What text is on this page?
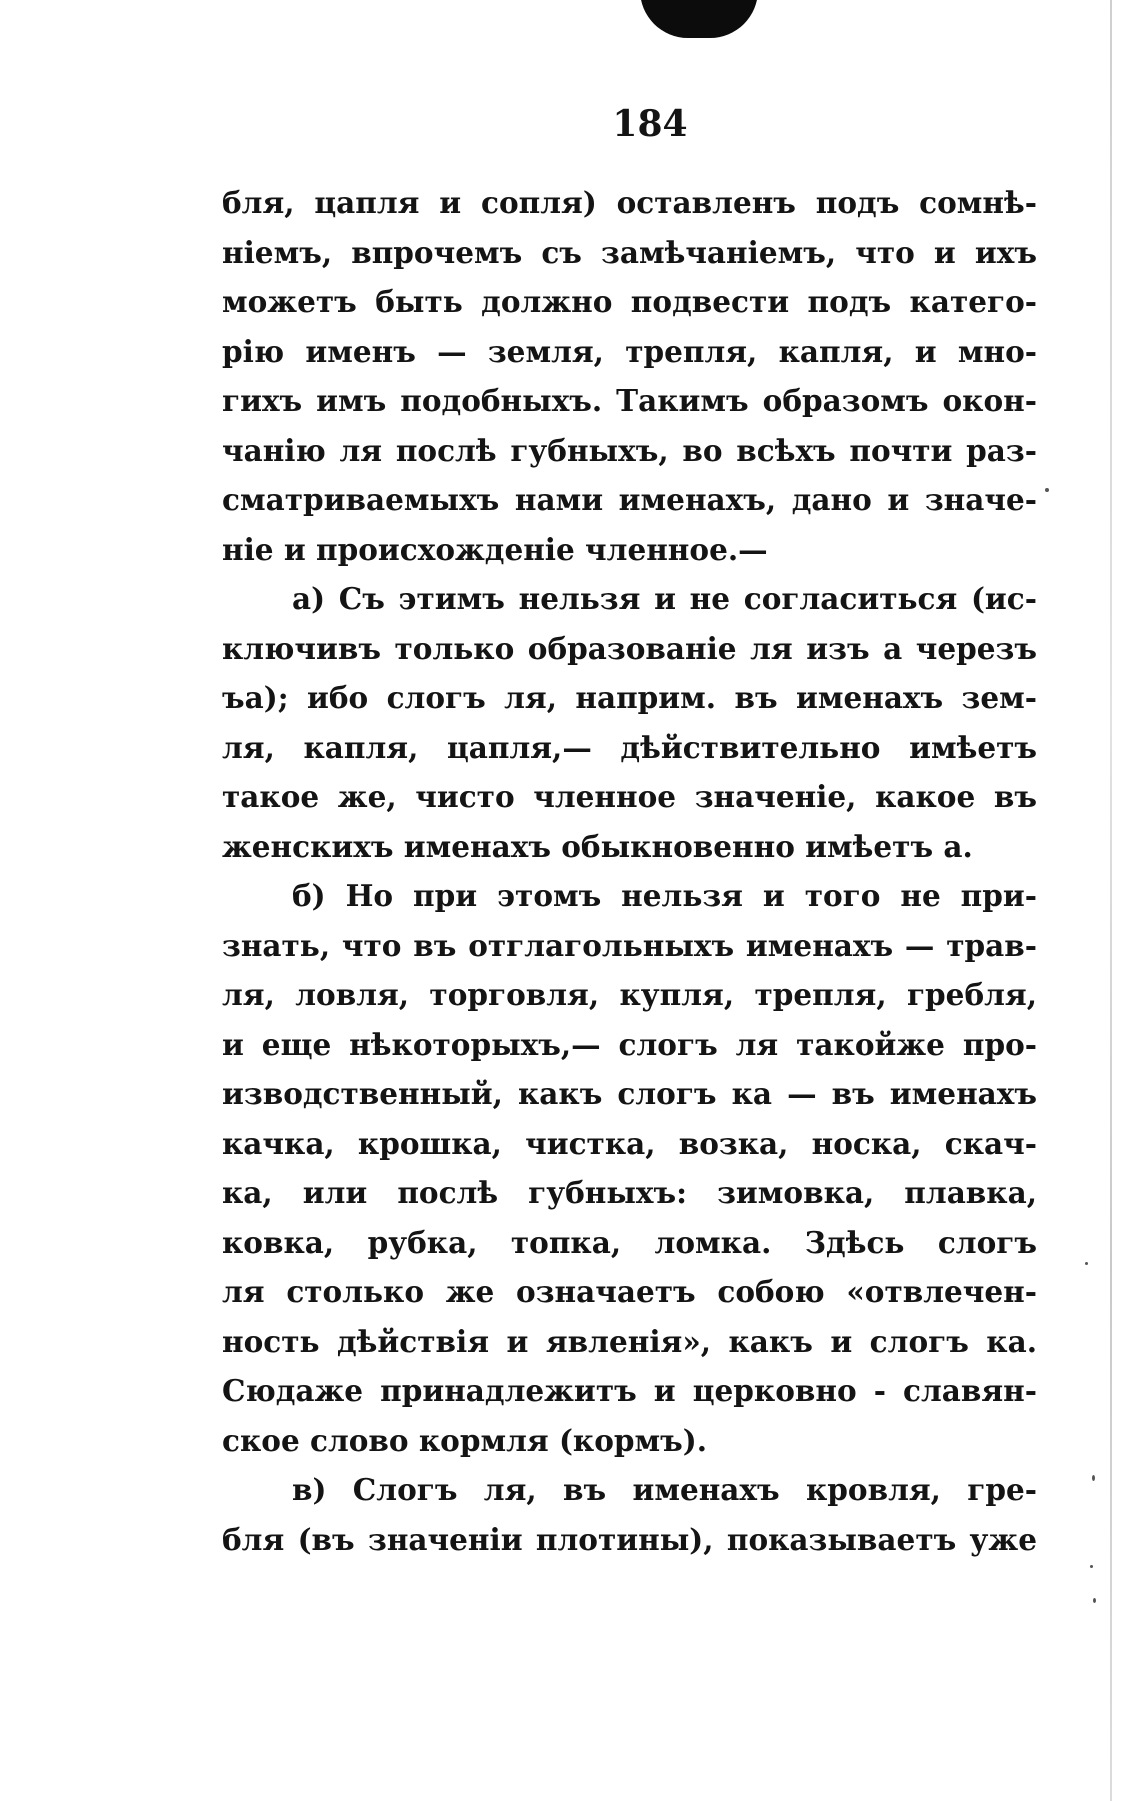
184
бля, цапля и сопля) оставленъ подъ сомнѣ-
ніемъ, впрочемъ съ замѣчаніемъ, что и ихъ
можетъ быть должно подвести подъ катего-
рію именъ — земля, трепля, капля, и мно-
гихъ имъ подобныхъ. Такимъ образомъ окон-
чанію ля послѣ губныхъ, во всѣхъ почти раз-
сматриваемыхъ нами именахъ, дано и значе-
ніе и происхожденіе членное.—
а) Съ этимъ нельзя и не согласиться (ис-
ключивъ только образованіе ля изъ а черезъ
ъа); ибо слогъ ля, наприм. въ именахъ зем-
ля, капля, цапля,— дѣйствительно имѣетъ
такое же, чисто членное значеніе, какое въ
женскихъ именахъ обыкновенно имѣетъ а.
б) Но при этомъ нельзя и того не при-
знать, что въ отглагольныхъ именахъ — трав-
ля, ловля, торговля, купля, трепля, гребля,
и еще нѣкоторыхъ,— слогъ ля такойже про-
изводственный, какъ слогъ ка — въ именахъ
качка, крошка, чистка, возка, носка, скач-
ка, или послѣ губныхъ: зимовка, плавка,
ковка, рубка, топка, ломка. Здѣсь слогъ
ля столько же означаетъ собою «отвлечен-
ность дѣйствія и явленія», какъ и слогъ ка.
Сюдаже принадлежитъ и церковно - славян-
ское слово кормля (кормъ).
в) Слогъ ля, въ именахъ кровля, гре-
бля (въ значеніи плотины), показываетъ уже
